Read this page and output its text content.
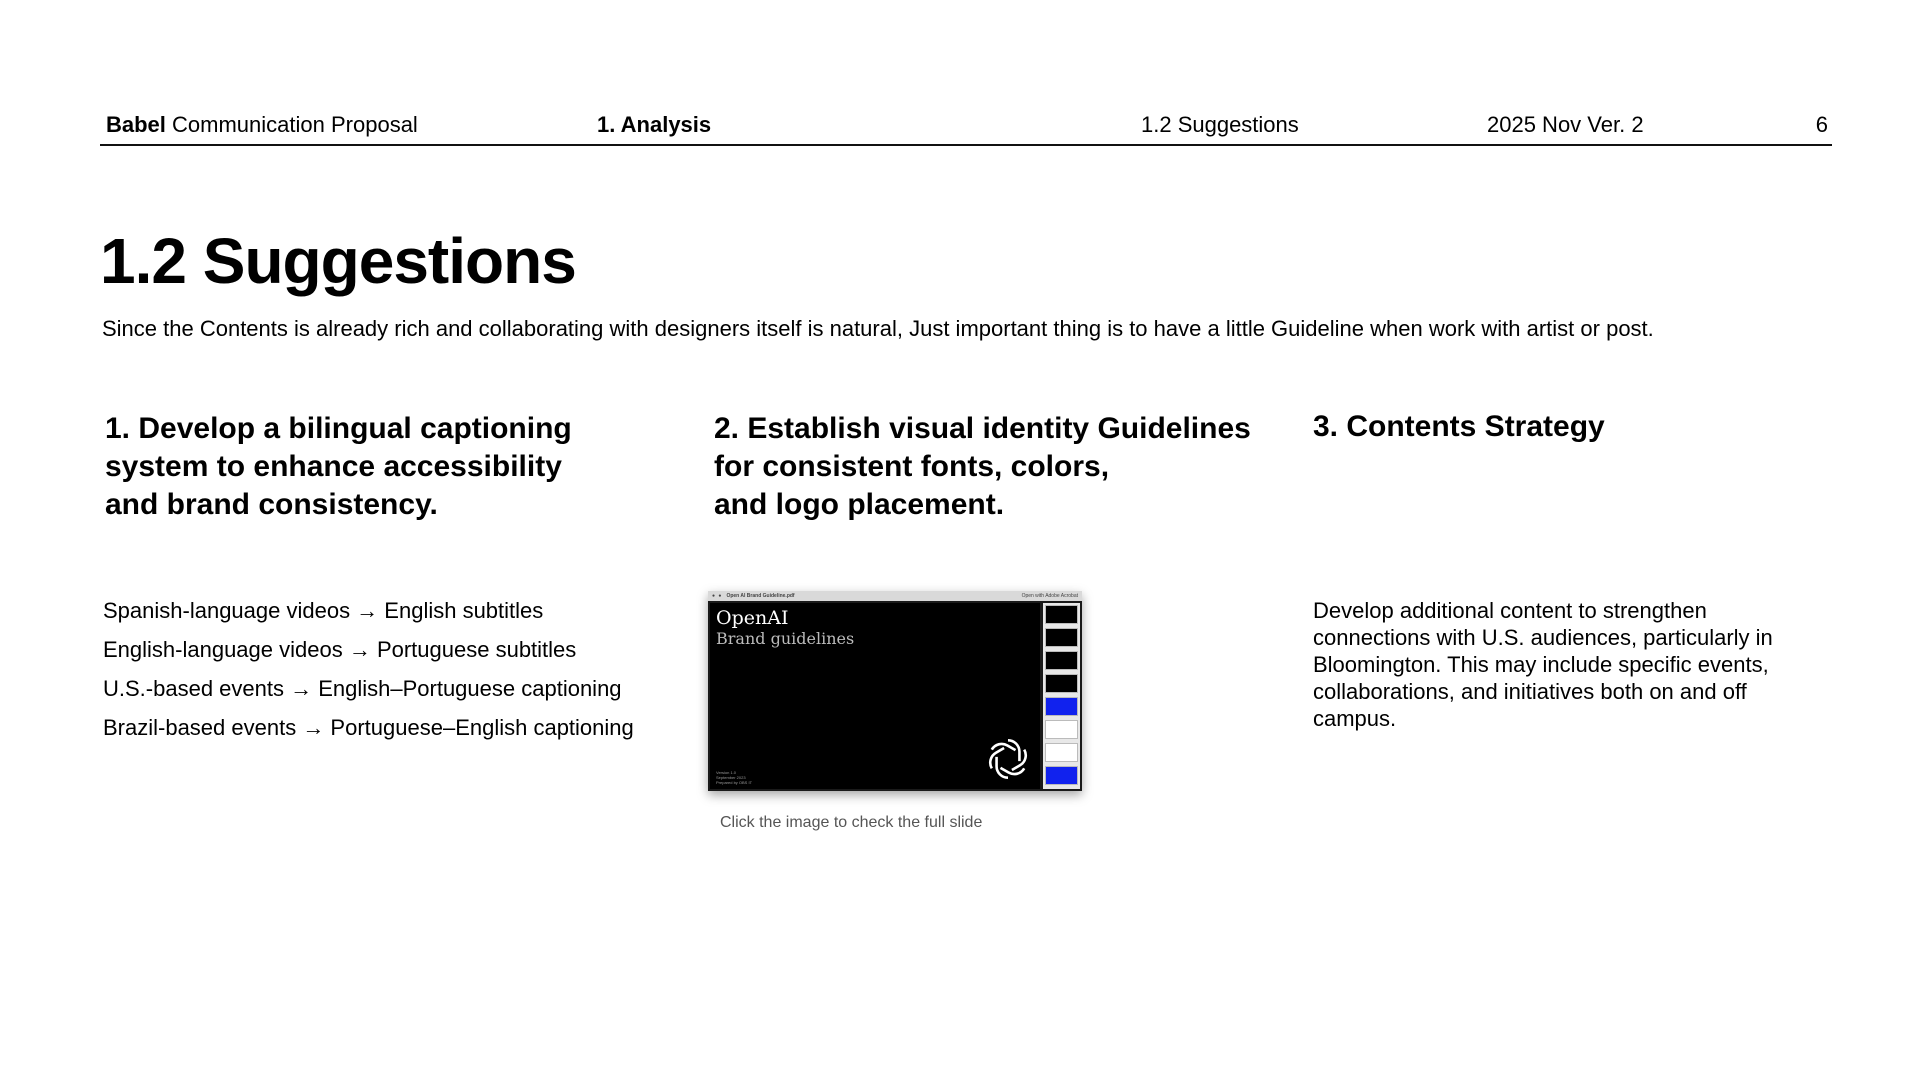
Babel Communication Proposal	1. Analysis	1.2 Suggestions	2025 Nov Ver. 2	6
1.2 Suggestions
Since the Contents is already rich and collaborating with designers itself is natural, Just important thing is to have a little Guideline when work with artist or post.
1. Develop a bilingual captioning
system to enhance accessibility
and brand consistency.
Spanish-language videos → English subtitles
English-language videos → Portuguese subtitles
U.S.-based events → English–Portuguese captioning
Brazil-based events → Portuguese–English captioning
2. Establish visual identity Guidelines
for consistent fonts, colors,
and logo placement.
● ● Open AI Brand Guideline.pdf	Open with Adobe Acrobat
OpenAI
Brand guidelines
Version 1.0
September 2023
Prepared by OBS IT
Click the image to check the full slide
3. Contents Strategy

Develop additional content to strengthen connections with U.S. audiences, particularly in Bloomington. This may include specific events, collaborations, and initiatives both on and off campus.
